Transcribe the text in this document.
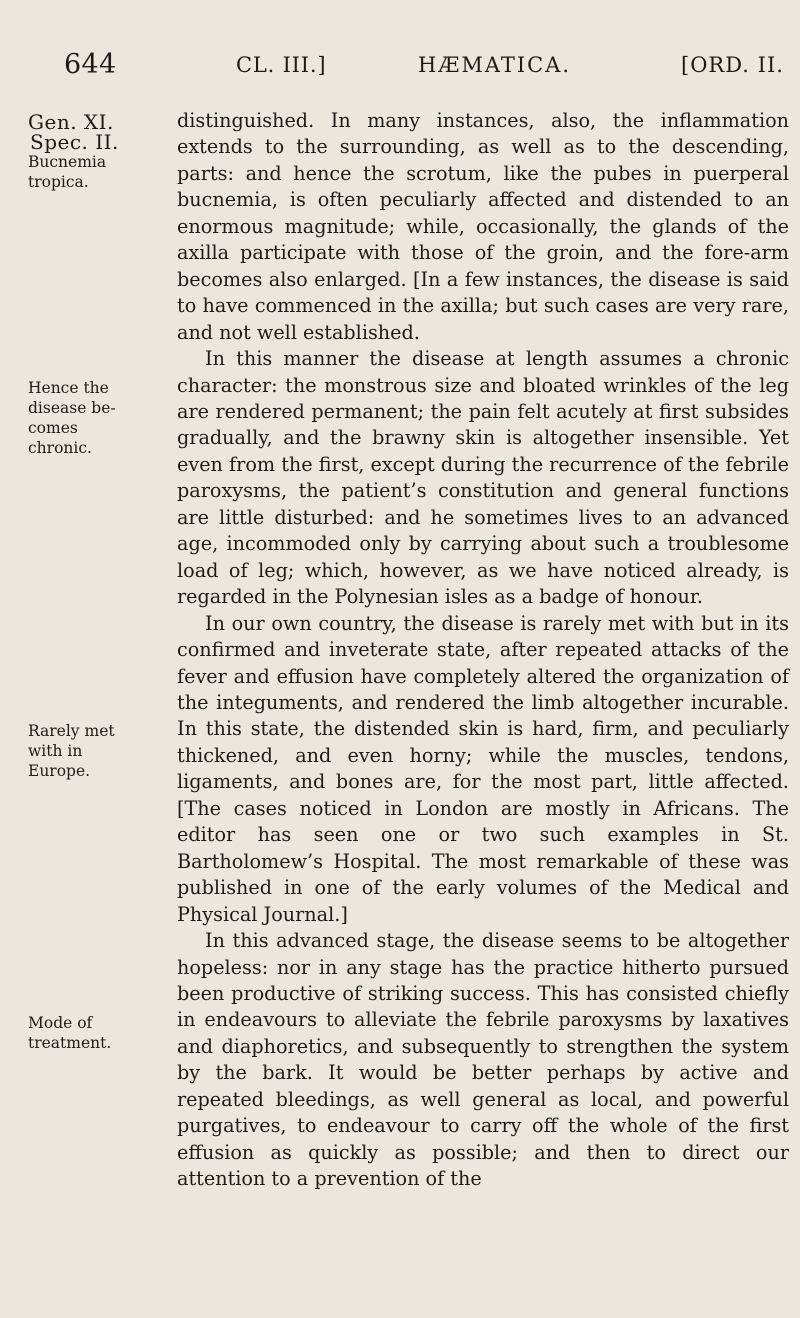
644	CL. III.]	HÆMATICA.	[ORD. II.
Gen. XI.
Spec. II.
Bucnemia
tropica.
Hence the
disease be-
comes
chronic.
Rarely met
with in
Europe.
Mode of
treatment.

distinguished. In many instances, also, the inflammation extends to the surrounding, as well as to the descending, parts: and hence the scrotum, like the pubes in puerperal bucnemia, is often peculiarly affected and distended to an enormous magnitude; while, occasionally, the glands of the axilla participate with those of the groin, and the fore-arm becomes also enlarged. [In a few instances, the disease is said to have commenced in the axilla; but such cases are very rare, and not well established.

In this manner the disease at length assumes a chronic character: the monstrous size and bloated wrinkles of the leg are rendered permanent; the pain felt acutely at first subsides gradually, and the brawny skin is altogether insensible. Yet even from the first, except during the recurrence of the febrile paroxysms, the patient’s constitution and general functions are little disturbed: and he sometimes lives to an advanced age, incommoded only by carrying about such a troublesome load of leg; which, however, as we have noticed already, is regarded in the Polynesian isles as a badge of honour.

In our own country, the disease is rarely met with but in its confirmed and inveterate state, after repeated attacks of the fever and effusion have completely altered the organization of the integuments, and rendered the limb altogether incurable. In this state, the distended skin is hard, firm, and peculiarly thickened, and even horny; while the muscles, tendons, ligaments, and bones are, for the most part, little affected. [The cases noticed in London are mostly in Africans. The editor has seen one or two such examples in St. Bartholomew’s Hospital. The most remarkable of these was published in one of the early volumes of the Medical and Physical Journal.]

In this advanced stage, the disease seems to be altogether hopeless: nor in any stage has the practice hitherto pursued been productive of striking success. This has consisted chiefly in endeavours to alleviate the febrile paroxysms by laxatives and diaphoretics, and subsequently to strengthen the system by the bark. It would be better perhaps by active and repeated bleedings, as well general as local, and powerful purgatives, to endeavour to carry off the whole of the first effusion as quickly as possible; and then to direct our attention to a prevention of the
